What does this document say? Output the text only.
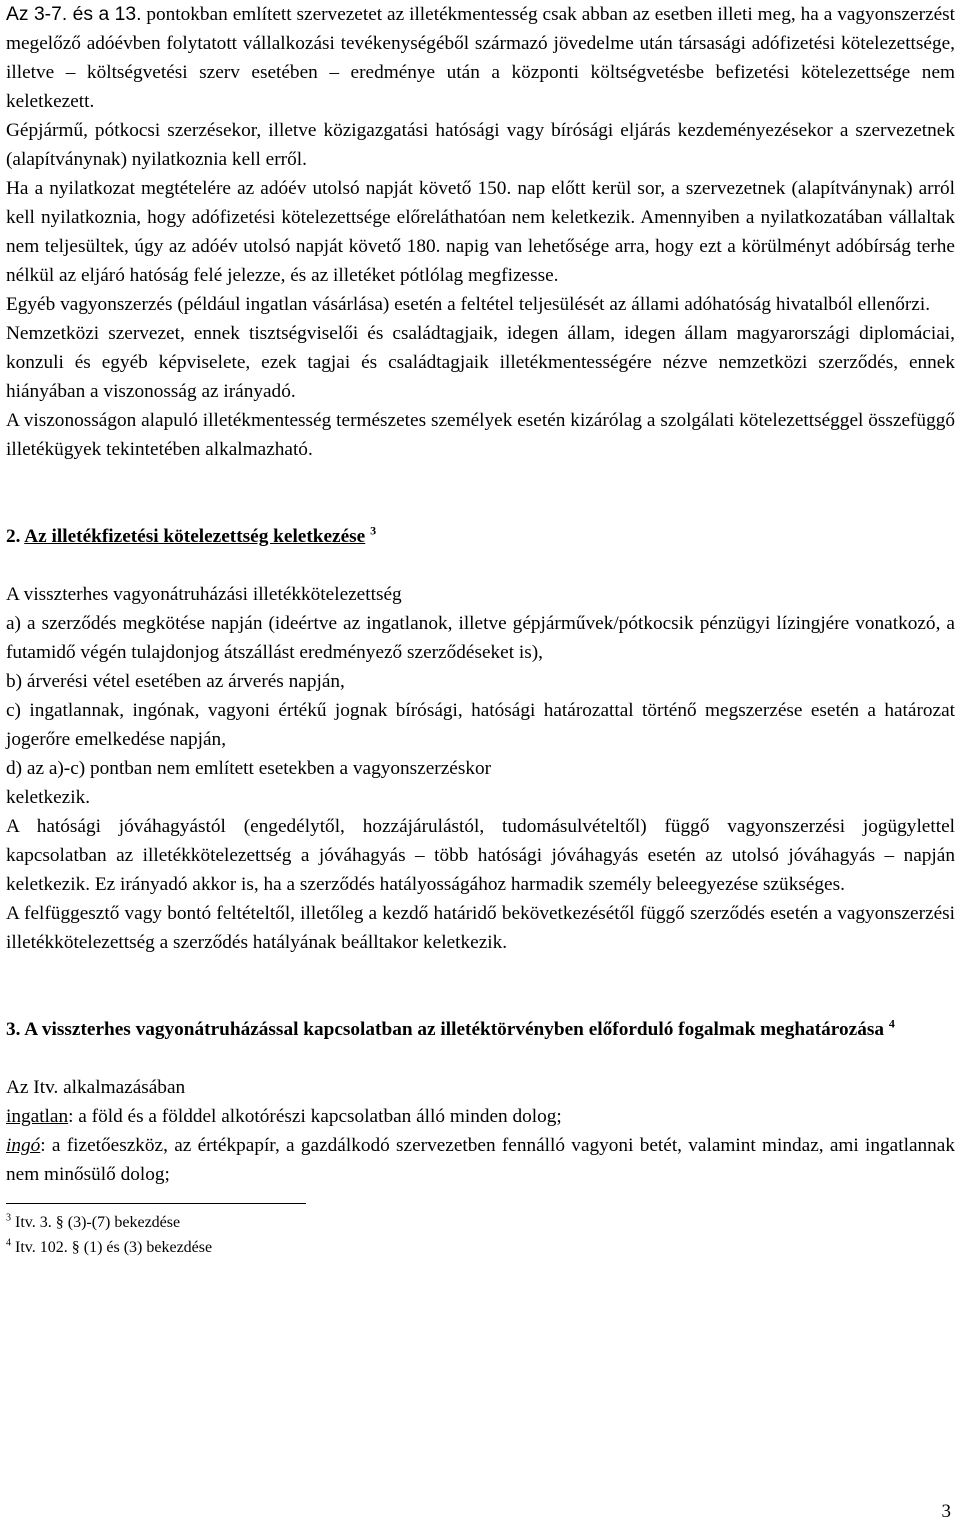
Az 3-7. és a 13. pontokban említett szervezetet az illetékmentesség csak abban az esetben illeti meg, ha a vagyonszerzést megelőző adóévben folytatott vállalkozási tevékenységéből származó jövedelme után társasági adófizetési kötelezettsége, illetve – költségvetési szerv esetében – eredménye után a központi költségvetésbe befizetési kötelezettsége nem keletkezett.

Gépjármű, pótkocsi szerzésekor, illetve közigazgatási hatósági vagy bírósági eljárás kezdeményezésekor a szervezetnek (alapítványnak) nyilatkoznia kell erről.

Ha a nyilatkozat megtételére az adóév utolsó napját követő 150. nap előtt kerül sor, a szervezetnek (alapítványnak) arról kell nyilatkoznia, hogy adófizetési kötelezettsége előreláthatóan nem keletkezik. Amennyiben a nyilatkozatában vállaltak nem teljesültek, úgy az adóév utolsó napját követő 180. napig van lehetősége arra, hogy ezt a körülményt adóbírság terhe nélkül az eljáró hatóság felé jelezze, és az illetéket pótlólag megfizesse.

Egyéb vagyonszerzés (például ingatlan vásárlása) esetén a feltétel teljesülését az állami adóhatóság hivatalból ellenőrzi.

Nemzetközi szervezet, ennek tisztségviselői és családtagjaik, idegen állam, idegen állam magyarországi diplomáciai, konzuli és egyéb képviselete, ezek tagjai és családtagjaik illetékmentességére nézve nemzetközi szerződés, ennek hiányában a viszonosság az irányadó.

A viszonosságon alapuló illetékmentesség természetes személyek esetén kizárólag a szolgálati kötelezettséggel összefüggő illetékügyek tekintetében alkalmazható.

2. Az illetékfizetési kötelezettség keletkezése $^3$

A visszterhes vagyonátruházási illetékkötelezettség

a) a szerződés megkötése napján (ideértve az ingatlanok, illetve gépjárművek/pótkocsik pénzügyi lízingjére vonatkozó, a futamidő végén tulajdonjog átszállást eredményező szerződéseket is),

b) árverési vétel esetében az árverés napján,

c) ingatlannak, ingónak, vagyoni értékű jognak bírósági, hatósági határozattal történő megszerzése esetén a határozat jogerőre emelkedése napján,

d) az a)-c) pontban nem említett esetekben a vagyonszerzéskor

keletkezik.

A hatósági jóváhagyástól (engedélytől, hozzájárulástól, tudomásulvételtől) függő vagyonszerzési jogügylettel kapcsolatban az illetékkötelezettség a jóváhagyás – több hatósági jóváhagyás esetén az utolsó jóváhagyás – napján keletkezik. Ez irányadó akkor is, ha a szerződés hatályosságához harmadik személy beleegyezése szükséges.

A felfüggesztő vagy bontó feltételtől, illetőleg a kezdő határidő bekövetkezésétől függő szerződés esetén a vagyonszerzési illetékkötelezettség a szerződés hatályának beálltakor keletkezik.

3. A visszterhes vagyonátruházással kapcsolatban az illetéktörvényben előforduló fogalmak meghatározása $^4$

Az Itv. alkalmazásában

ingatlan: a föld és a földdel alkotórészi kapcsolatban álló minden dolog;

ingó: a fizetőeszköz, az értékpapír, a gazdálkodó szervezetben fennálló vagyoni betét, valamint mindaz, ami ingatlannak nem minősülő dolog;

$^3$ Itv. 3. § (3)-(7) bekezdése

$^4$ Itv. 102. § (1) és (3) bekezdése

3
